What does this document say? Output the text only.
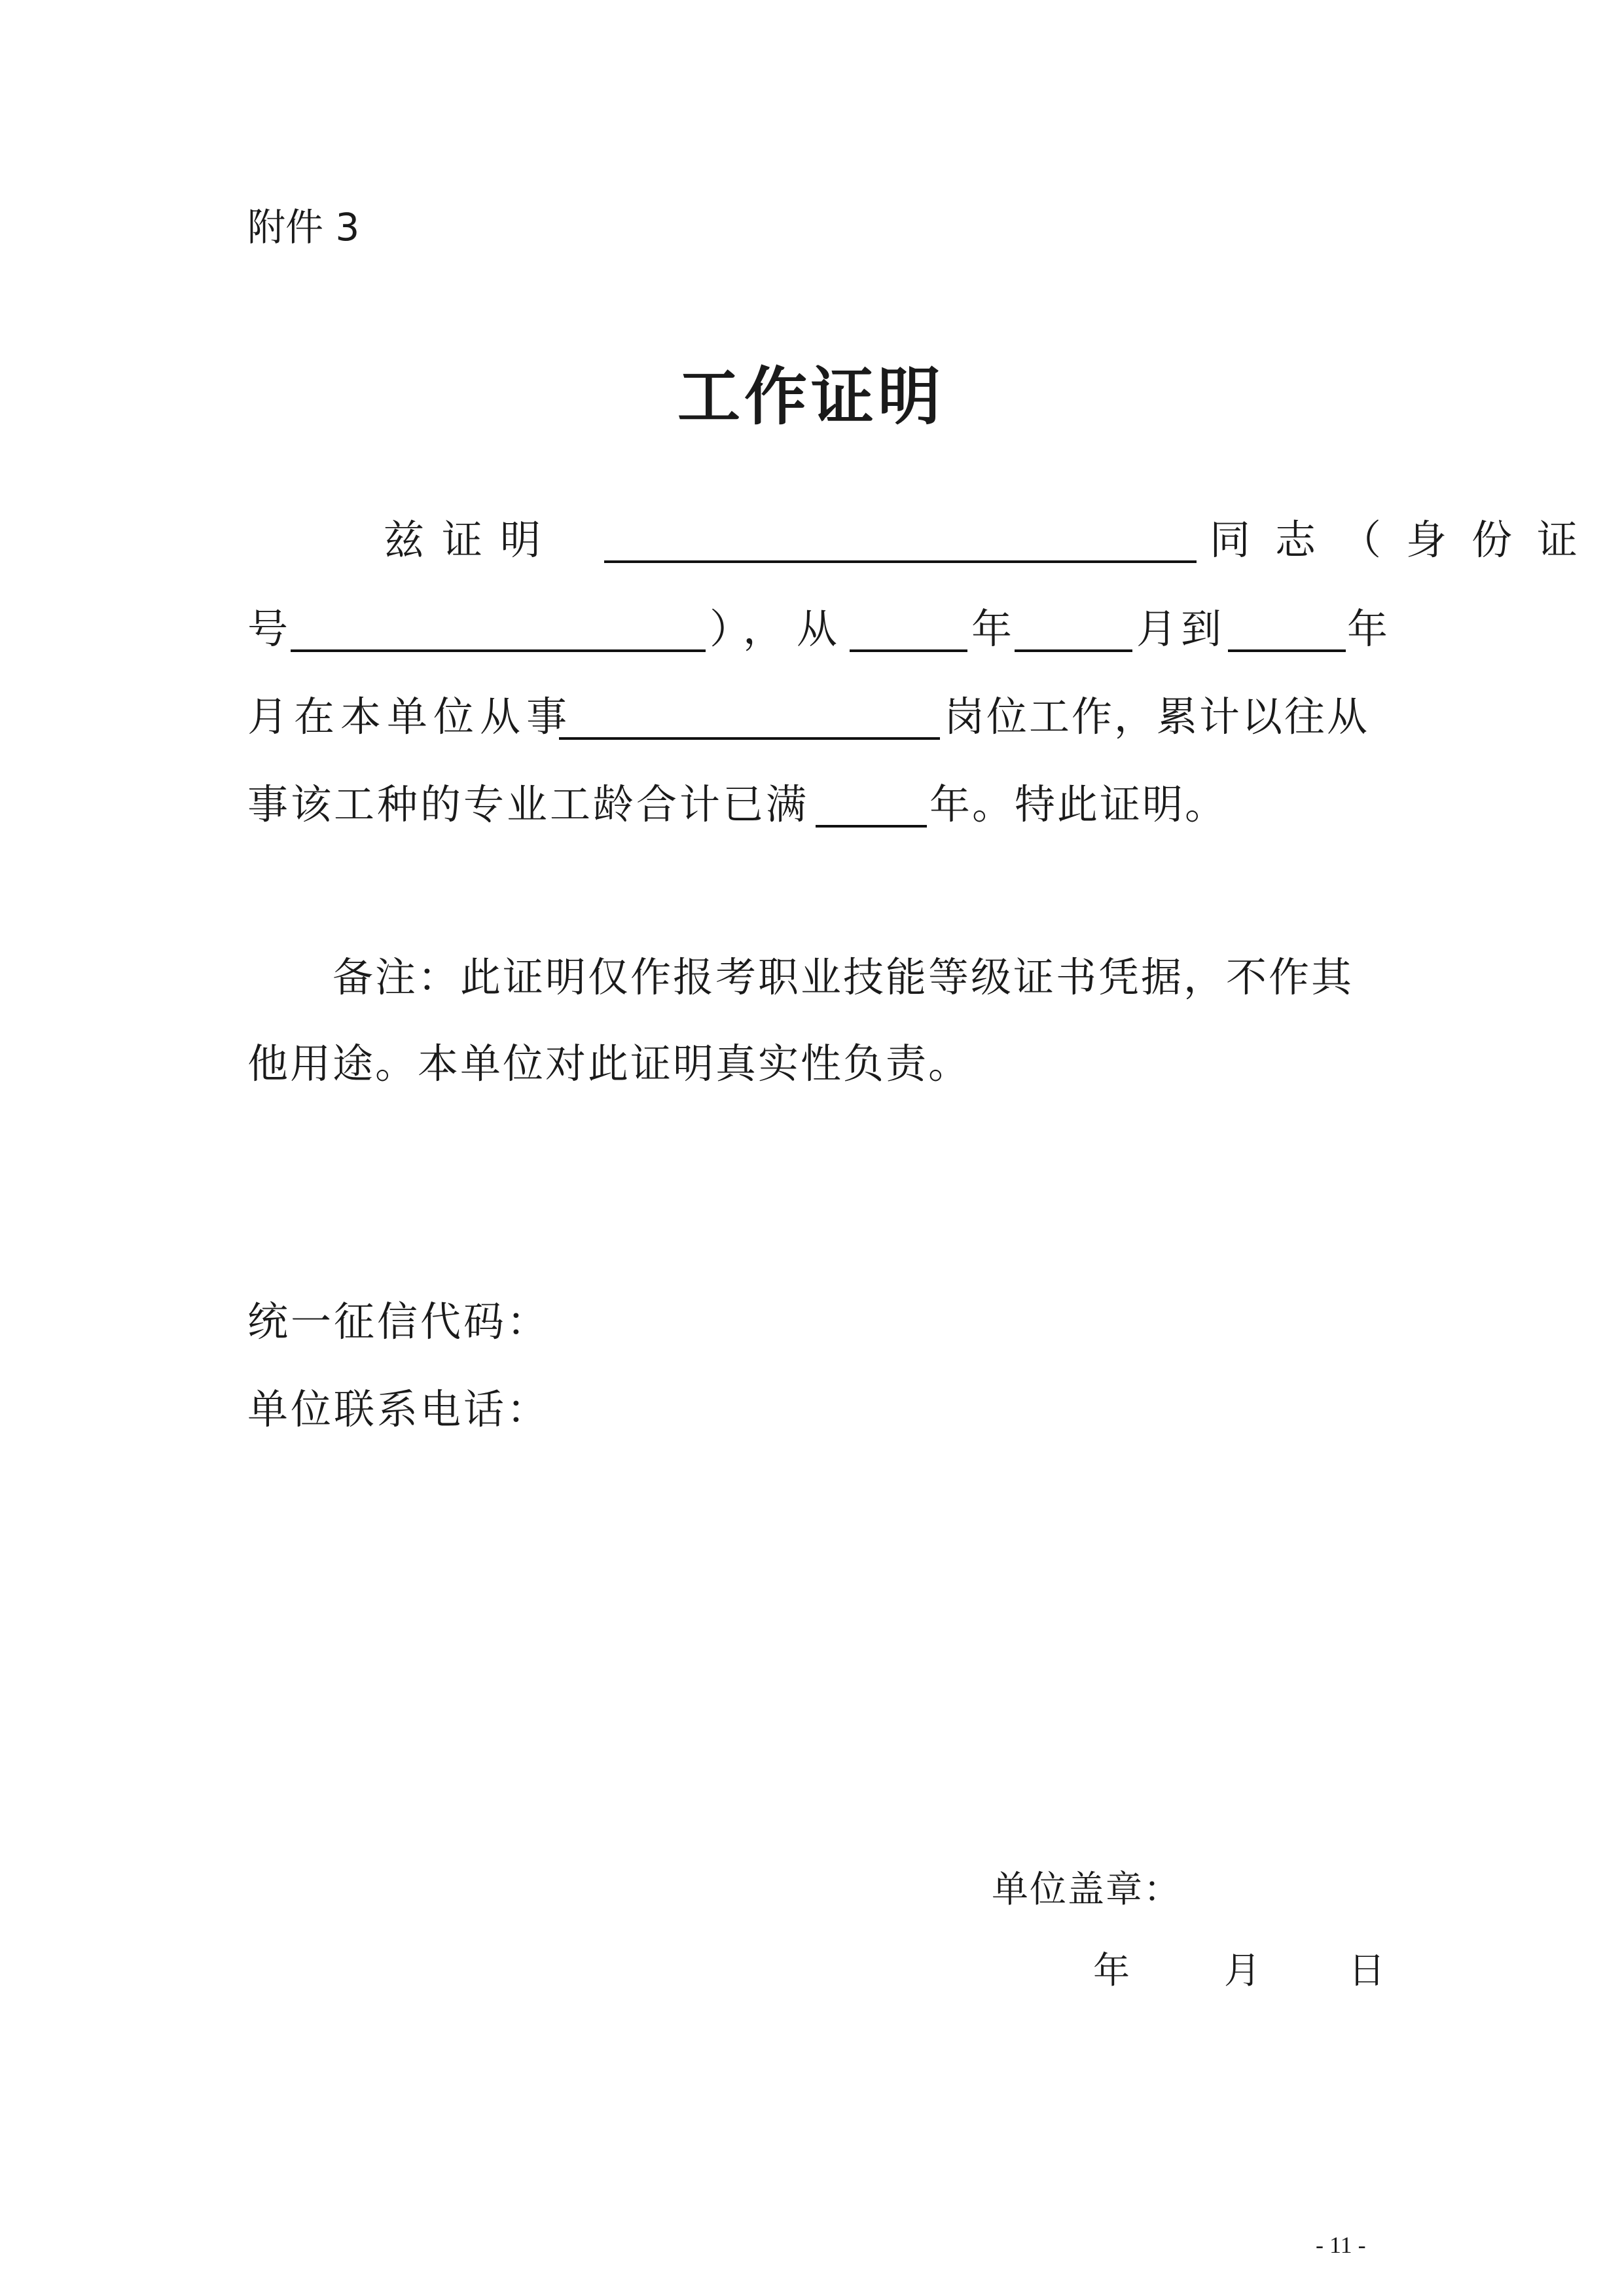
附件 3
工作证明
兹 证 明	同志（身份证
号	），从	年	月到	年
月在本单位从事	岗位工作，累计以往从
事该工种的专业工龄合计已满	年。特此证明。
备注：此证明仅作报考职业技能等级证书凭据，不作其
他用途。本单位对此证明真实性负责。
统一征信代码：
单位联系电话：
单位盖章：
年	月 日
- 11 -
